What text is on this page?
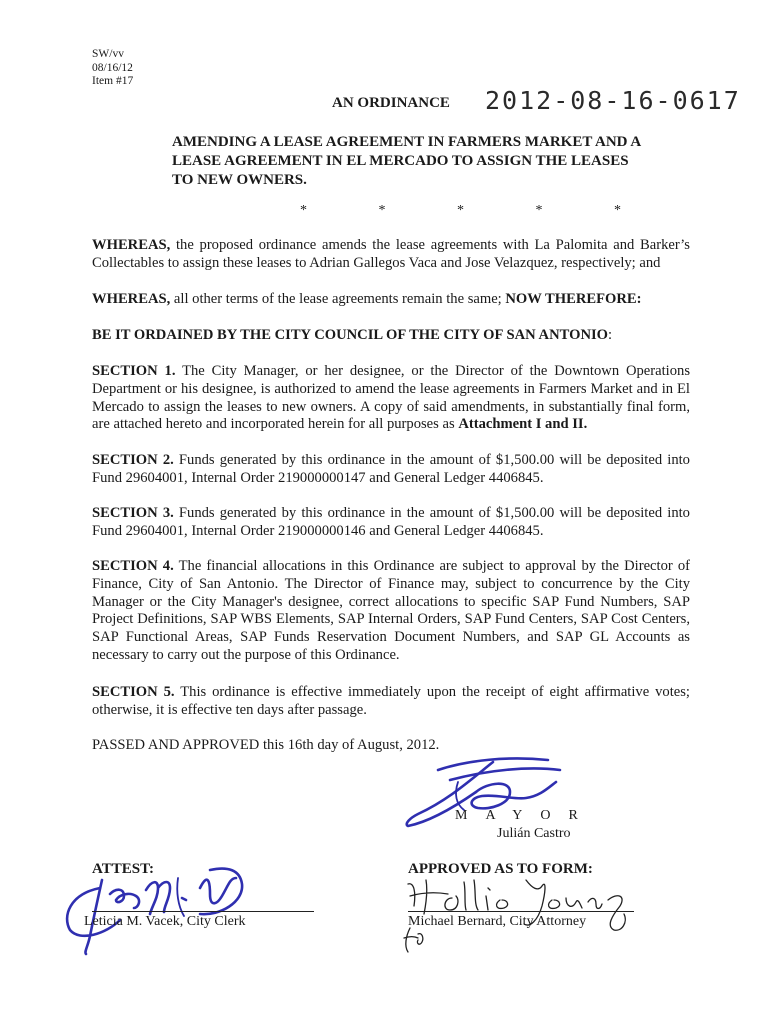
SW/vv
08/16/12
Item #17
AN ORDINANCE 2012-08-16-0617
AMENDING A LEASE AGREEMENT IN FARMERS MARKET AND A LEASE AGREEMENT IN EL MERCADO TO ASSIGN THE LEASES TO NEW OWNERS.
* * * * *
WHEREAS, the proposed ordinance amends the lease agreements with La Palomita and Barker’s Collectables to assign these leases to Adrian Gallegos Vaca and Jose Velazquez, respectively; and
WHEREAS, all other terms of the lease agreements remain the same; NOW THEREFORE:
BE IT ORDAINED BY THE CITY COUNCIL OF THE CITY OF SAN ANTONIO:
SECTION 1. The City Manager, or her designee, or the Director of the Downtown Operations Department or his designee, is authorized to amend the lease agreements in Farmers Market and in El Mercado to assign the leases to new owners. A copy of said amendments, in substantially final form, are attached hereto and incorporated herein for all purposes as Attachment I and II.
SECTION 2. Funds generated by this ordinance in the amount of $1,500.00 will be deposited into Fund 29604001, Internal Order 219000000147 and General Ledger 4406845.
SECTION 3. Funds generated by this ordinance in the amount of $1,500.00 will be deposited into Fund 29604001, Internal Order 219000000146 and General Ledger 4406845.
SECTION 4. The financial allocations in this Ordinance are subject to approval by the Director of Finance, City of San Antonio. The Director of Finance may, subject to concurrence by the City Manager or the City Manager's designee, correct allocations to specific SAP Fund Numbers, SAP Project Definitions, SAP WBS Elements, SAP Internal Orders, SAP Fund Centers, SAP Cost Centers, SAP Functional Areas, SAP Funds Reservation Document Numbers, and SAP GL Accounts as necessary to carry out the purpose of this Ordinance.
SECTION 5. This ordinance is effective immediately upon the receipt of eight affirmative votes; otherwise, it is effective ten days after passage.
PASSED AND APPROVED this 16th day of August, 2012.
MAYOR
Julián Castro
ATTEST:
Leticia M. Vacek, City Clerk
APPROVED AS TO FORM:
Michael Bernard, City Attorney
